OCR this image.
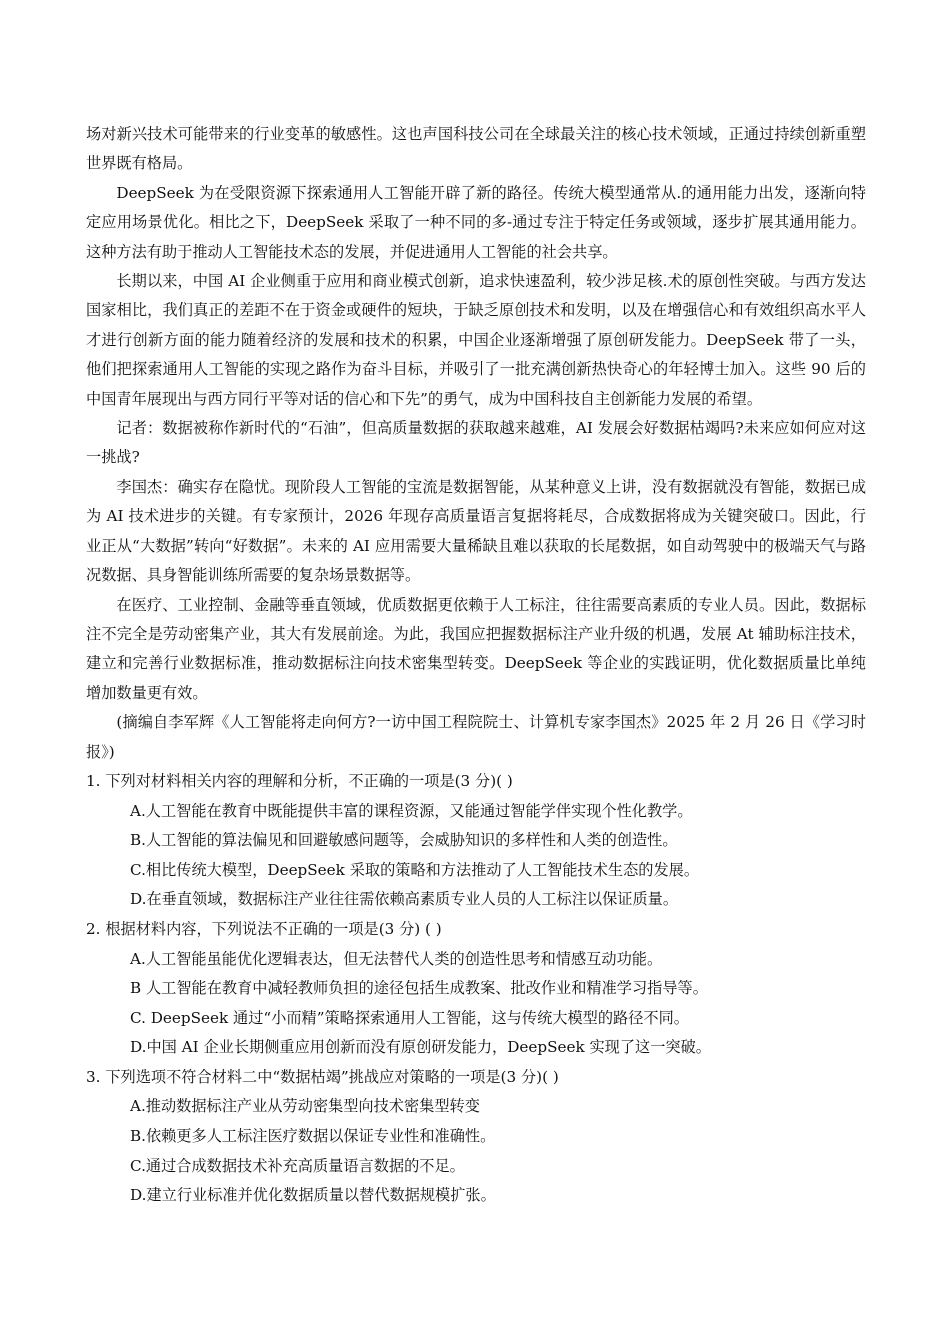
场对新兴技术可能带来的行业变革的敏感性。这也声国科技公司在全球最关注的核心技术领域，正通过持续创新重塑世界既有格局。

DeepSeek 为在受限资源下探索通用人工智能开辟了新的路径。传统大模型通常从.的通用能力出发，逐渐向特定应用场景优化。相比之下，DeepSeek 采取了一种不同的多-通过专注于特定任务或领域，逐步扩展其通用能力。这种方法有助于推动人工智能技术态的发展，并促进通用人工智能的社会共享。

长期以来，中国 AI 企业侧重于应用和商业模式创新，追求快速盈利，较少涉足核.术的原创性突破。与西方发达国家相比，我们真正的差距不在于资金或硬件的短块，于缺乏原创技术和发明，以及在增强信心和有效组织高水平人才进行创新方面的能力随着经济的发展和技术的积累，中国企业逐渐增强了原创研发能力。DeepSeek 带了一头，他们把探索通用人工智能的实现之路作为奋斗目标，并吸引了一批充满创新热快奇心的年轻博士加入。这些 90 后的中国青年展现出与西方同行平等对话的信心和下先”的勇气，成为中国科技自主创新能力发展的希望。

记者：数据被称作新时代的“石油”，但高质量数据的获取越来越难，AI 发展会好数据枯竭吗?未来应如何应对这一挑战?

李国杰：确实存在隐忧。现阶段人工智能的宝流是数据智能，从某种意义上讲，没有数据就没有智能，数据已成为 AI 技术进步的关键。有专家预计，2026 年现存高质量语言复据将耗尽，合成数据将成为关键突破口。因此，行业正从“大数据”转向“好数据”。未来的 AI 应用需要大量稀缺且难以获取的长尾数据，如自动驾驶中的极端天气与路况数据、具身智能训练所需要的复杂场景数据等。

在医疗、工业控制、金融等垂直领域，优质数据更依赖于人工标注，往往需要高素质的专业人员。因此，数据标注不完全是劳动密集产业，其大有发展前途。为此，我国应把握数据标注产业升级的机遇，发展 At 辅助标注技术，建立和完善行业数据标准，推动数据标注向技术密集型转变。DeepSeek 等企业的实践证明，优化数据质量比单纯增加数量更有效。

(摘编自李军辉《人工智能将走向何方?一访中国工程院院士、计算机专家李国杰》2025 年 2 月 26 日《学习时报》)

1. 下列对材料相关内容的理解和分析，不正确的一项是(3 分)( )

A.人工智能在教育中既能提供丰富的课程资源，又能通过智能学伴实现个性化教学。

B.人工智能的算法偏见和回避敏感问题等，会威胁知识的多样性和人类的创造性。

C.相比传统大模型，DeepSeek 采取的策略和方法推动了人工智能技术生态的发展。

D.在垂直领域，数据标注产业往往需依赖高素质专业人员的人工标注以保证质量。

2. 根据材料内容，下列说法不正确的一项是(3 分) ( )

A.人工智能虽能优化逻辑表达，但无法替代人类的创造性思考和情感互动功能。

B 人工智能在教育中减轻教师负担的途径包括生成教案、批改作业和精准学习指导等。

C. DeepSeek 通过“小而精”策略探索通用人工智能，这与传统大模型的路径不同。

D.中国 AI 企业长期侧重应用创新而没有原创研发能力，DeepSeek 实现了这一突破。

3. 下列选项不符合材料二中“数据枯竭”挑战应对策略的一项是(3 分)( )

A.推动数据标注产业从劳动密集型向技术密集型转变

B.依赖更多人工标注医疗数据以保证专业性和准确性。

C.通过合成数据技术补充高质量语言数据的不足。

D.建立行业标准并优化数据质量以替代数据规模扩张。
